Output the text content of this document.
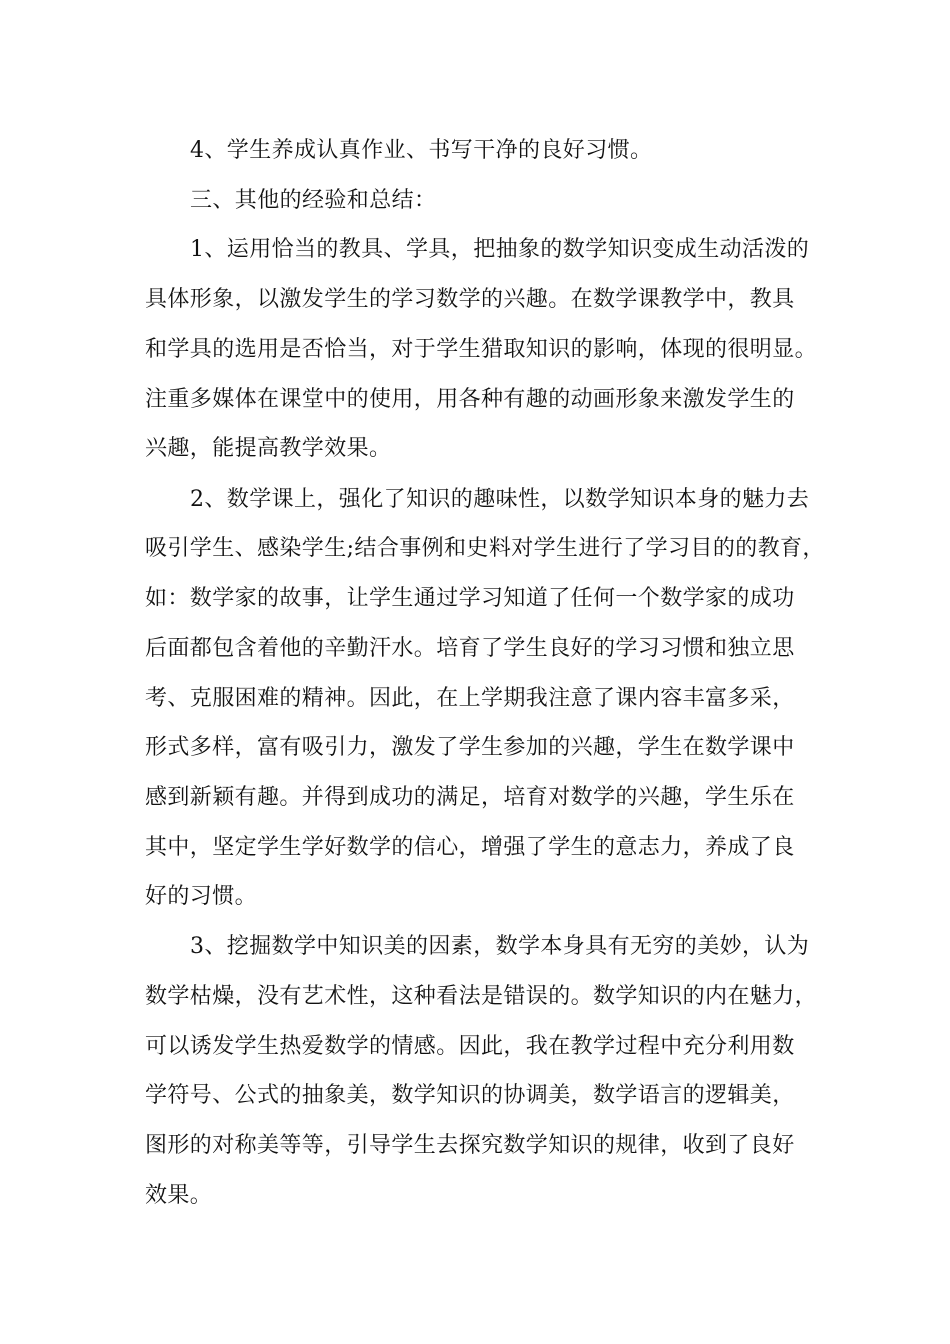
4、学生养成认真作业、书写干净的良好习惯。

三、其他的经验和总结：

1、运用恰当的教具、学具，把抽象的数学知识变成生动活泼的

具体形象，以激发学生的学习数学的兴趣。在数学课教学中，教具

和学具的选用是否恰当，对于学生猎取知识的影响，体现的很明显。

注重多媒体在课堂中的使用，用各种有趣的动画形象来激发学生的

兴趣，能提高教学效果。

2、数学课上，强化了知识的趣味性，以数学知识本身的魅力去

吸引学生、感染学生;结合事例和史料对学生进行了学习目的的教育，

如：数学家的故事，让学生通过学习知道了任何一个数学家的成功

后面都包含着他的辛勤汗水。培育了学生良好的学习习惯和独立思

考、克服困难的精神。因此，在上学期我注意了课内容丰富多采，

形式多样，富有吸引力，激发了学生参加的兴趣，学生在数学课中

感到新颖有趣。并得到成功的满足，培育对数学的兴趣，学生乐在

其中，坚定学生学好数学的信心，增强了学生的意志力，养成了良

好的习惯。

3、挖掘数学中知识美的因素，数学本身具有无穷的美妙，认为

数学枯燥，没有艺术性，这种看法是错误的。数学知识的内在魅力，

可以诱发学生热爱数学的情感。因此，我在教学过程中充分利用数

学符号、公式的抽象美，数学知识的协调美，数学语言的逻辑美，

图形的对称美等等，引导学生去探究数学知识的规律，收到了良好

效果。
